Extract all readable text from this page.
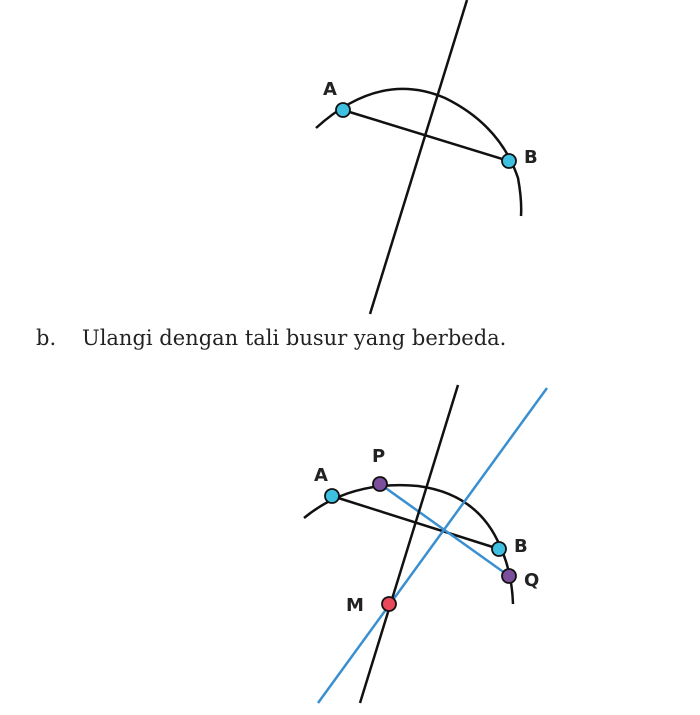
A
B
A
P
B
Q
M
b. Ulangi dengan tali busur yang berbeda.
